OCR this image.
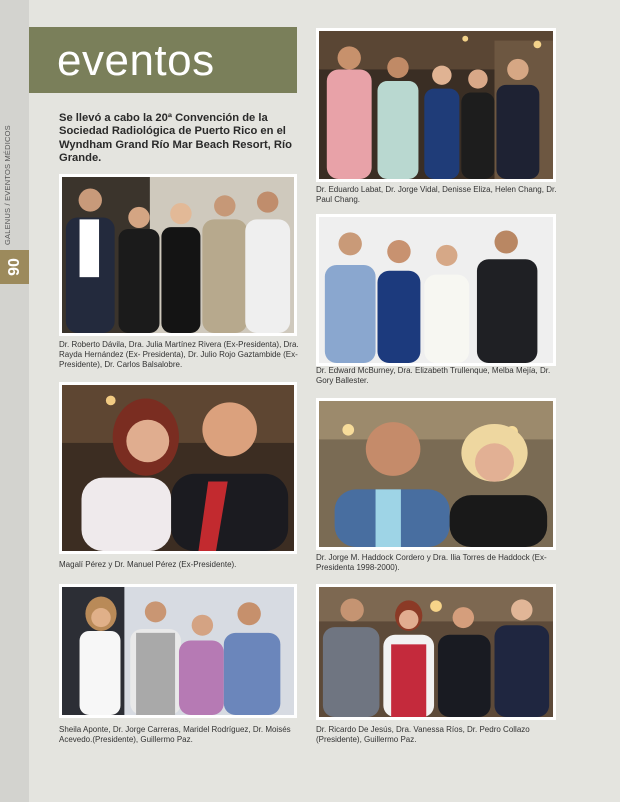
GALENUS / EVENTOS MÉDICOS
90
eventos
Se llevó a cabo la 20ª Convención de la Sociedad Radiológica de Puerto Rico en el Wyndham Grand Río Mar Beach Resort, Río Grande.
Dr. Eduardo Labat, Dr. Jorge Vidal, Denisse Eliza, Helen Chang, Dr. Paul Chang.
Dr. Roberto Dávila, Dra. Julia Martínez Rivera (Ex-Presidenta), Dra. Rayda Hernández (Ex- Presidenta), Dr. Julio Rojo Gaztambide (Ex-Presidente), Dr. Carlos Balsalobre.
Dr. Edward McBurney, Dra. Elizabeth Trullenque, Melba Mejía, Dr. Gory Ballester.
Magalí Pérez y Dr. Manuel Pérez (Ex-Presidente).
Dr. Jorge M. Haddock Cordero y Dra. Ilia Torres de Haddock (Ex-Presidenta 1998-2000).
Sheila Aponte, Dr. Jorge Carreras, Maridel Rodríguez, Dr. Moisés Acevedo.(Presidente), Guillermo Paz.
Dr. Ricardo De Jesús, Dra. Vanessa Ríos, Dr. Pedro Collazo (Presidente), Guillermo Paz.
